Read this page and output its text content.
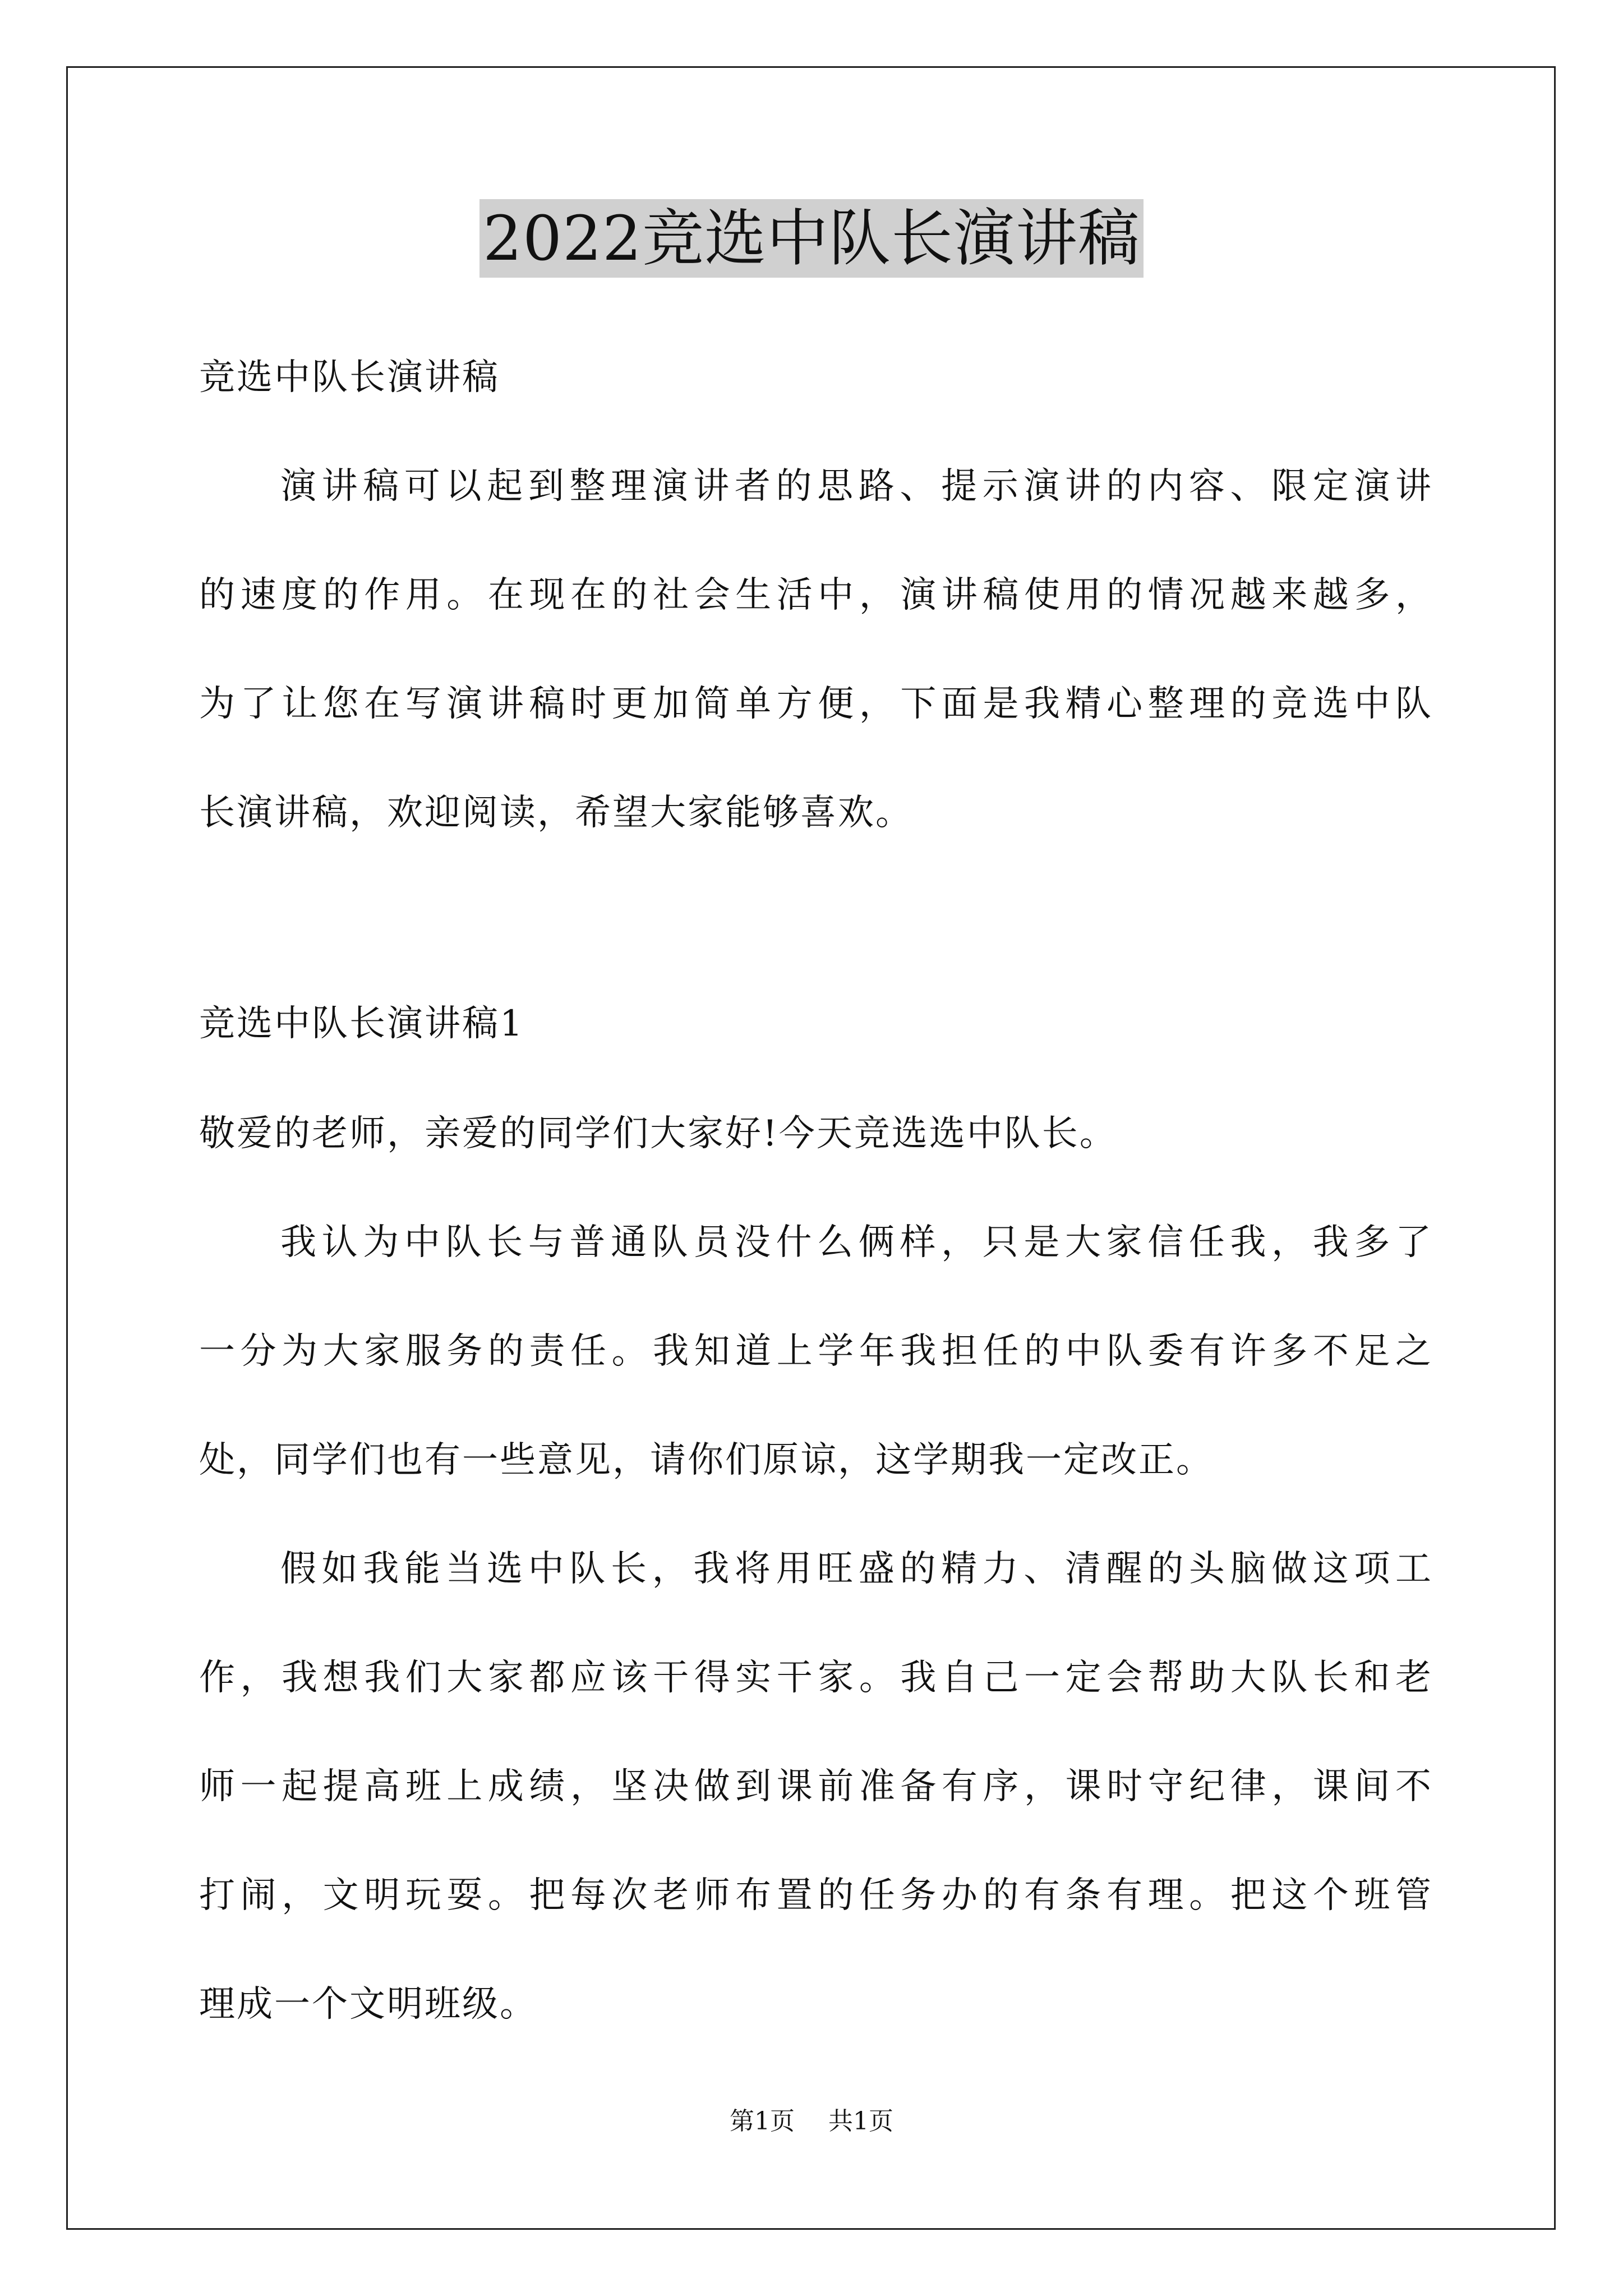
2022竞选中队长演讲稿
竞选中队长演讲稿
演讲稿可以起到整理演讲者的思路、提示演讲的内容、限定演讲
的速度的作用。在现在的社会生活中，演讲稿使用的情况越来越多，
为了让您在写演讲稿时更加简单方便，下面是我精心整理的竞选中队
长演讲稿，欢迎阅读，希望大家能够喜欢。
竞选中队长演讲稿1
敬爱的老师，亲爱的同学们大家好!今天竞选选中队长。
我认为中队长与普通队员没什么俩样，只是大家信任我，我多了
一分为大家服务的责任。我知道上学年我担任的中队委有许多不足之
处，同学们也有一些意见，请你们原谅，这学期我一定改正。
假如我能当选中队长，我将用旺盛的精力、清醒的头脑做这项工
作，我想我们大家都应该干得实干家。我自己一定会帮助大队长和老
师一起提高班上成绩，坚决做到课前准备有序，课时守纪律，课间不
打闹，文明玩耍。把每次老师布置的任务办的有条有理。把这个班管
理成一个文明班级。
第1页 共1页
